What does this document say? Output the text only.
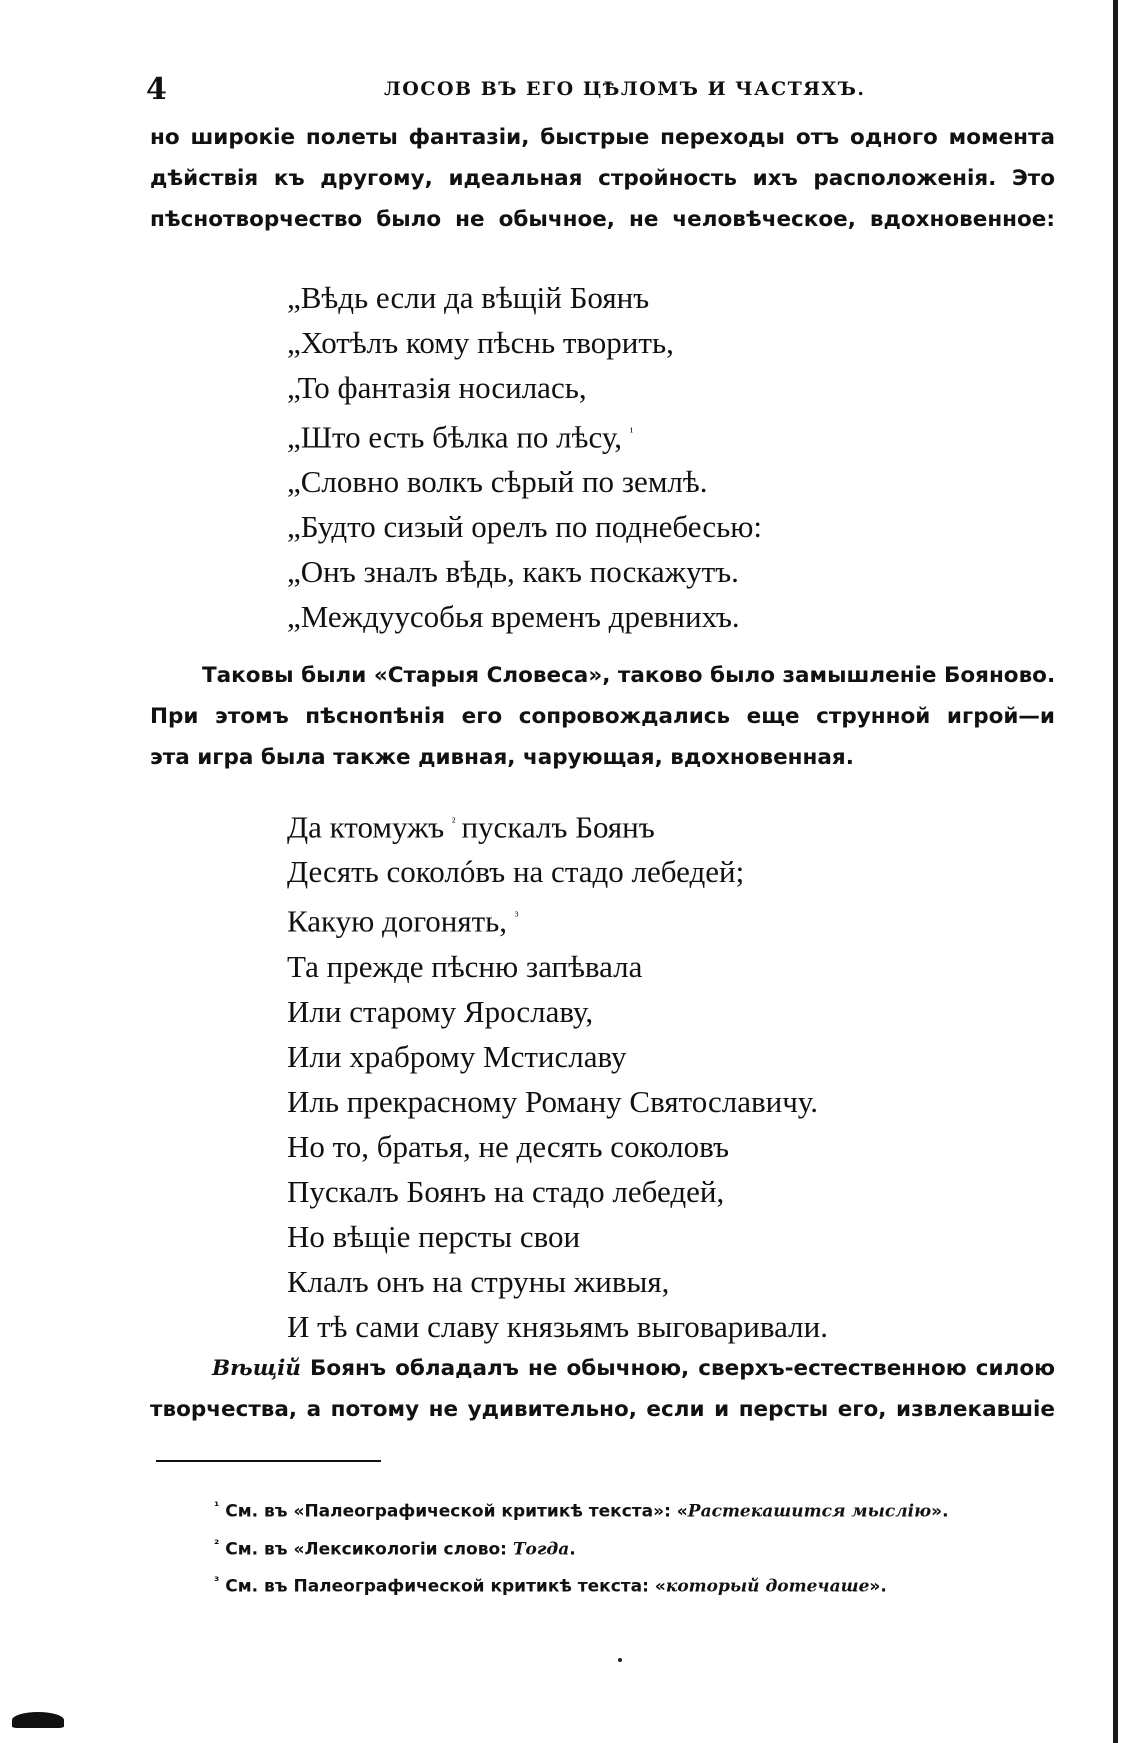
4	ЛОСОВ ВЪ ЕГО ЦѢЛОМЪ И ЧАСТЯХЪ.
но широкіе полеты фантазіи, быстрые переходы отъ одного момента
дѣйствія къ другому, идеальная стройность ихъ расположенія. Это
пѣснотворчество было не обычное, не человѣческое, вдохновенное:
„Вѣдь если да вѣщій Боянъ
„Хотѣлъ кому пѣснь творить,
„То фантазія носилась,
„Што есть бѣлка по лѣсу, $^{^1}$
„Словно волкъ сѣрый по землѣ.
„Будто сизый орелъ по поднебесью:
„Онъ зналъ вѣдь, какъ поскажутъ.
„Междуусобья временъ древнихъ.
Таковы были «Старыя Словеса», таково было замышленіе Бояново.
При этомъ пѣснопѣнія его сопровождались еще струнной игрой—и
эта игра была также дивная, чарующая, вдохновенная.
Да ктомужъ $^{^2}$ пускалъ Боянъ
Десять соколóвъ на стадо лебедей;
Какую догонять, $^{^3}$
Та прежде пѣсню запѣвала
Или старому Ярославу,
Или храброму Мстиславу
Иль прекрасному Роману Святославичу.
Но то, братья, не десять соколовъ
Пускалъ Боянъ на стадо лебедей,
Но вѣщіе персты свои
Клалъ онъ на струны живыя,
И тѣ сами славу князьямъ выговаривали.
Вѣщій Боянъ обладалъ не обычною, сверхъ-естественною силою
творчества, а потому не удивительно, если и персты его, извлекавшіе
$^{^1}$ См. въ «Палеографической критикѣ текста»: «Растекашится мыслію».
$^{^2}$ См. въ «Лексикологіи слово: Тогда.
$^{^3}$ См. въ Палеографической критикѣ текста: «который дотечаше».
